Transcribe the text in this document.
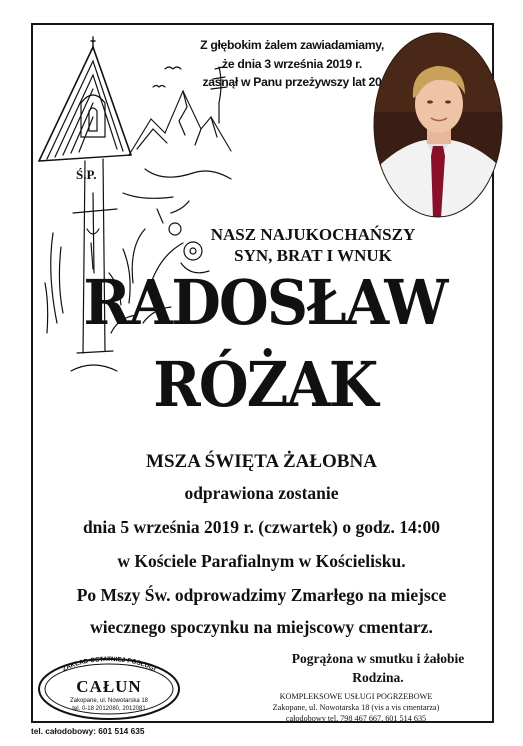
Z głębokim żalem zawiadamiamy,
że dnia 3 września 2019 r.
zasnął w Panu przeżywszy lat 20
Ś.P.
NASZ NAJUKOCHAŃSZY
SYN, BRAT I WNUK
RADOSŁAW
RÓŻAK
MSZA ŚWIĘTA ŻAŁOBNA
odprawiona zostanie
dnia 5 września 2019 r. (czwartek) o godz. 14:00
w Kościele Parafialnym w Kościelisku.
Po Mszy Św. odprowadzimy Zmarłego na miejsce
wiecznego spoczynku na miejscowy cmentarz.
Pogrążona w smutku i żałobie
Rodzina.
ZAKŁAD OSTATNIEJ POSŁUGI
CAŁUN
Zakopane, ul. Nowotarska 18
tel. 0-18 2012080, 2012081
KOMPLEKSOWE USŁUGI POGRZEBOWE
Zakopane, ul. Nowotarska 18 (vis a vis cmentarza)
całodobowy tel. 798 467 667, 601 514 635
tel. całodobowy: 601 514 635
